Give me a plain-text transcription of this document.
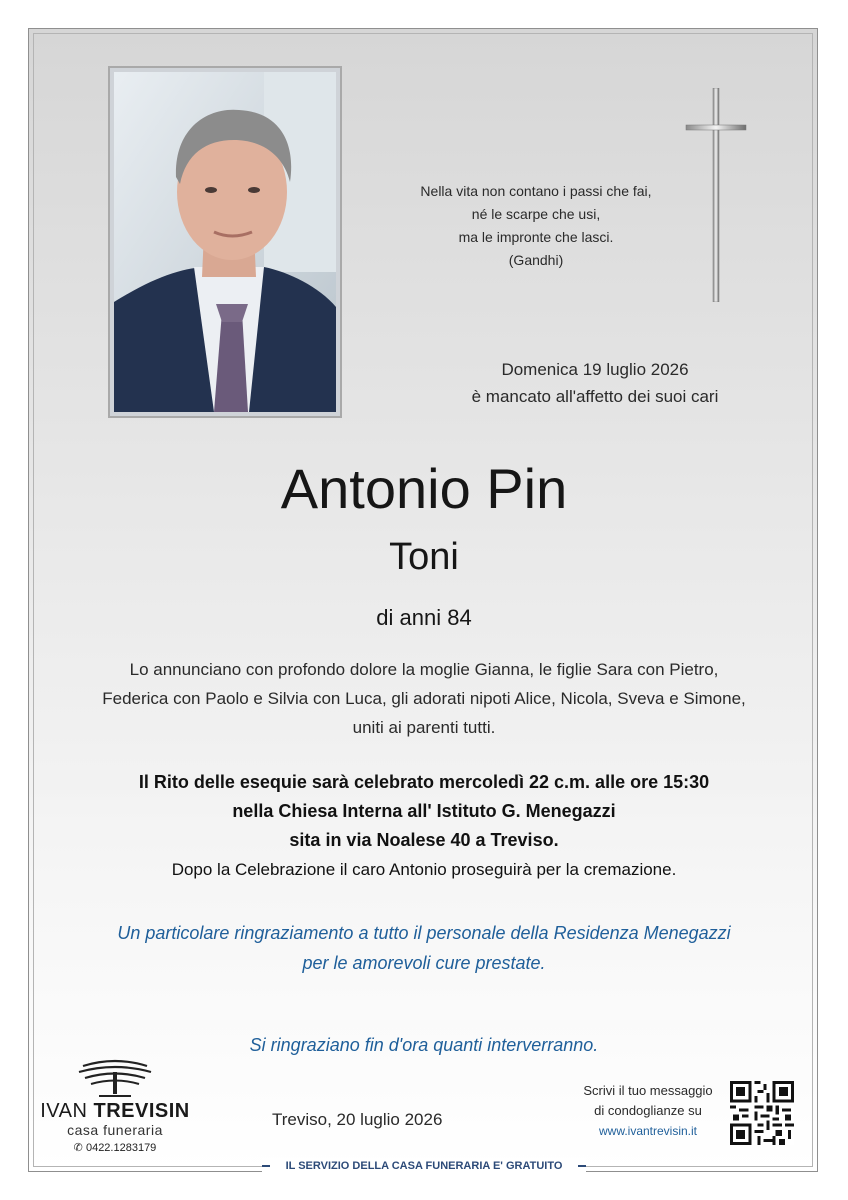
Nella vita non contano i passi che fai,
né le scarpe che usi,
ma le impronte che lasci.
(Gandhi)
Domenica 19 luglio 2026
è mancato all'affetto dei suoi cari
Antonio Pin
Toni
di anni 84
Lo annunciano con profondo dolore la moglie Gianna, le figlie Sara con Pietro,
Federica con Paolo e Silvia con Luca, gli adorati nipoti Alice, Nicola, Sveva e Simone,
uniti ai parenti tutti.
Il Rito delle esequie sarà celebrato mercoledì 22 c.m. alle ore 15:30
nella Chiesa Interna all' Istituto G. Menegazzi
sita in via Noalese 40 a Treviso.
Dopo la Celebrazione il caro Antonio proseguirà per la cremazione.
Un particolare ringraziamento a tutto il personale della Residenza Menegazzi
per le amorevoli cure prestate.
Si ringraziano fin d'ora quanti interverranno.
IVAN TREVISIN
casa funeraria
✆ 0422.1283179
Treviso, 20 luglio 2026
Scrivi il tuo messaggio
di condoglianze su
www.ivantrevisin.it
IL SERVIZIO DELLA CASA FUNERARIA E' GRATUITO
